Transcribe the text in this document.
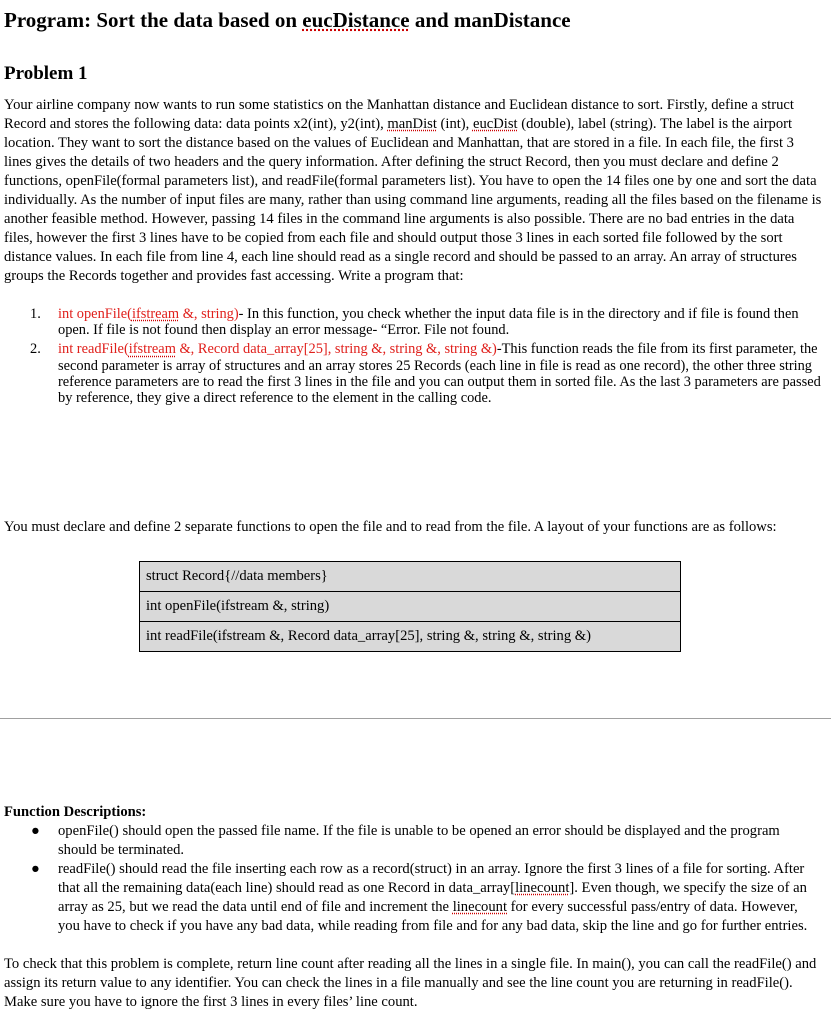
Program: Sort the data based on eucDistance and manDistance
Problem 1

Your airline company now wants to run some statistics on the Manhattan distance and Euclidean distance to sort. Firstly, define a struct Record and stores the following data: data points x2(int), y2(int), manDist (int), eucDist (double), label (string). The label is the airport location. They want to sort the distance based on the values of Euclidean and Manhattan, that are stored in a file. In each file, the first 3 lines gives the details of two headers and the query information. After defining the struct Record, then you must declare and define 2 functions, openFile(formal parameters list), and readFile(formal parameters list). You have to open the 14 files one by one and sort the data individually. As the number of input files are many, rather than using command line arguments, reading all the files based on the filename is another feasible method. However, passing 14 files in the command line arguments is also possible. There are no bad entries in the data files, however the first 3 lines have to be copied from each file and should output those 3 lines in each sorted file followed by the sort distance values. In each file from line 4, each line should read as a single record and should be passed to an array. An array of structures groups the Records together and provides fast accessing. Write a program that:

1. int openFile(ifstream &, string)- In this function, you check whether the input data file is in the directory and if file is found then open. If file is not found then display an error message- “Error. File not found.
2. int readFile(ifstream &, Record data_array[25], string &, string &, string &)-This function reads the file from its first parameter, the second parameter is array of structures and an array stores 25 Records (each line in file is read as one record), the other three string reference parameters are to read the first 3 lines in the file and you can output them in sorted file. As the last 3 parameters are passed by reference, they give a direct reference to the element in the calling code.

You must declare and define 2 separate functions to open the file and to read from the file. A layout of your functions are as follows:

struct Record{//data members}
int openFile(ifstream &, string)
int readFile(ifstream &, Record data_array[25], string &, string &, string &)

Function Descriptions:

● openFile() should open the passed file name. If the file is unable to be opened an error should be displayed and the program should be terminated.
● readFile() should read the file inserting each row as a record(struct) in an array. Ignore the first 3 lines of a file for sorting. After that all the remaining data(each line) should read as one Record in data_array[linecount]. Even though, we specify the size of an array as 25, but we read the data until end of file and increment the linecount for every successful pass/entry of data. However, you have to check if you have any bad data, while reading from file and for any bad data, skip the line and go for further entries.

To check that this problem is complete, return line count after reading all the lines in a single file. In main(), you can call the readFile() and assign its return value to any identifier. You can check the lines in a file manually and see the line count you are returning in readFile(). Make sure you have to ignore the first 3 lines in every files’ line count.
